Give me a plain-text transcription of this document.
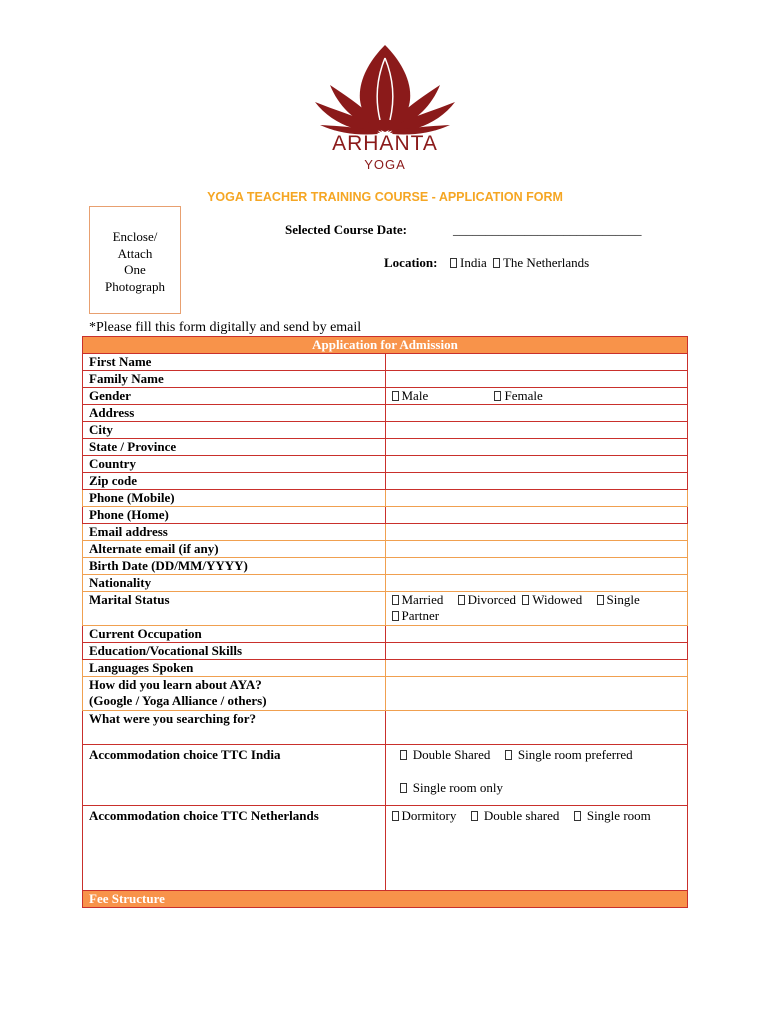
ARHANTA
YOGA
YOGA TEACHER TRAINING COURSE - APPLICATION FORM
Enclose/
Attach
One
Photograph
Selected Course Date:	_____________________________
Location:	India The Netherlands
*Please fill this form digitally and send by email
Application for Admission	
First Name	
Family Name	
Gender	Male Female
Address	
City	
State / Province	
Country	
Zip code	
Phone (Mobile)	
Phone (Home)	
Email address	
Alternate email (if any)	
Birth Date (DD/MM/YYYY)	
Nationality	
Marital Status	Married Divorced Widowed Single
Partner
Current Occupation	
Education/Vocational Skills	
Languages Spoken	
How did you learn about AYA?
(Google / Yoga Alliance / others)	
What were you searching for?	
Accommodation choice TTC India	Double Shared Single room preferred
Single room only
Accommodation choice TTC Netherlands	Dormitory Double shared Single room
Fee Structure	
